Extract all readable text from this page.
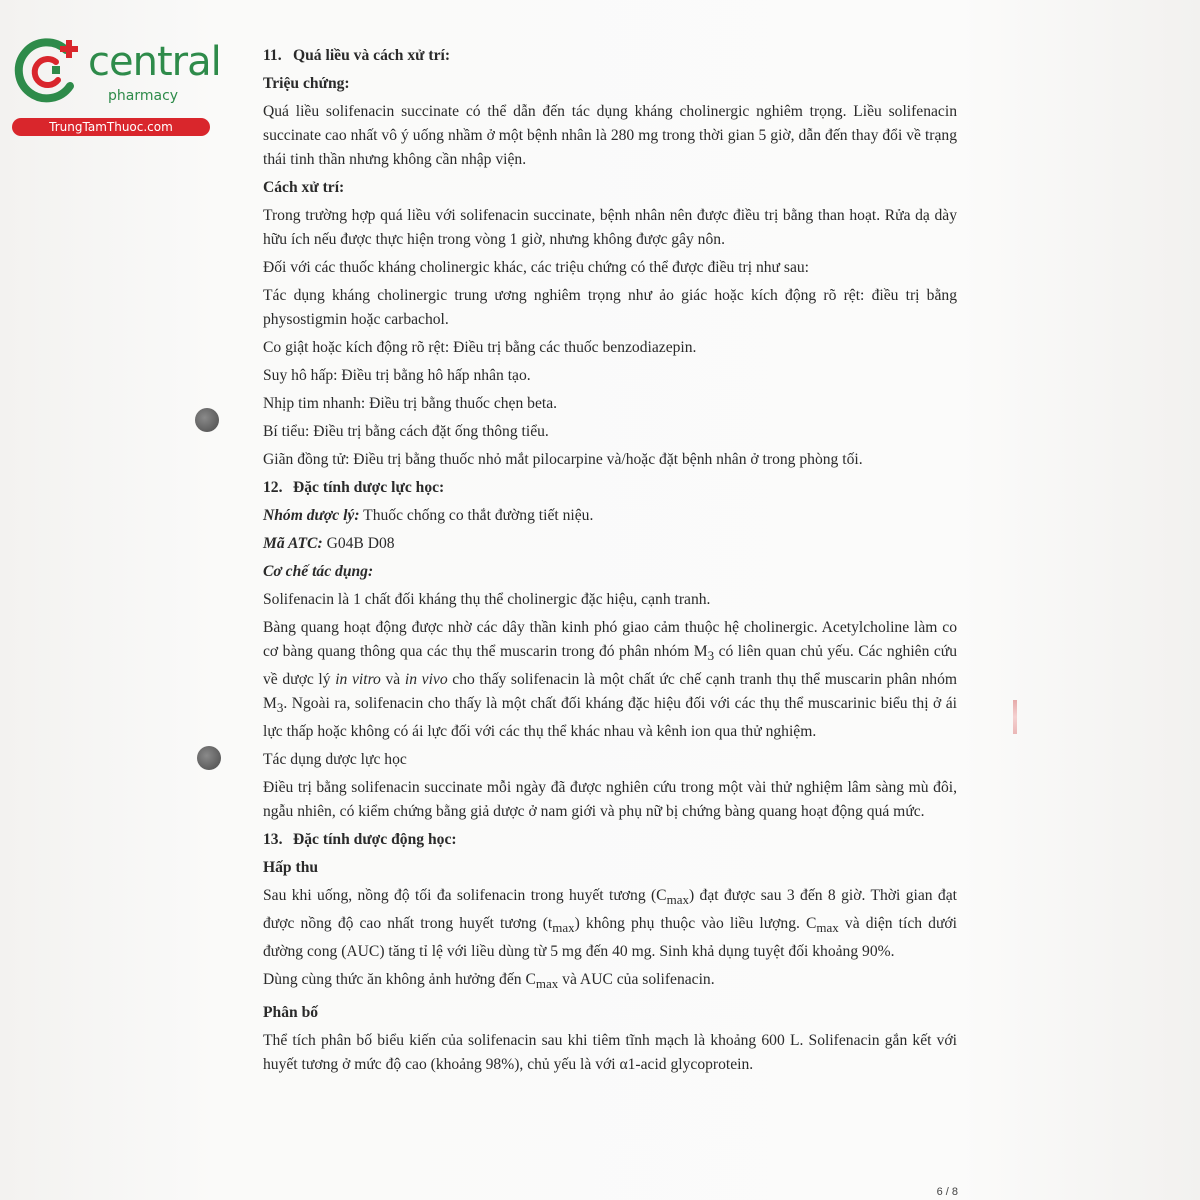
central
pharmacy
TrungTamThuoc.com

11. Quá liều và cách xử trí:

Triệu chứng:

Quá liều solifenacin succinate có thể dẫn đến tác dụng kháng cholinergic nghiêm trọng. Liều solifenacin succinate cao nhất vô ý uống nhầm ở một bệnh nhân là 280 mg trong thời gian 5 giờ, dẫn đến thay đổi về trạng thái tinh thần nhưng không cần nhập viện.

Cách xử trí:

Trong trường hợp quá liều với solifenacin succinate, bệnh nhân nên được điều trị bằng than hoạt. Rửa dạ dày hữu ích nếu được thực hiện trong vòng 1 giờ, nhưng không được gây nôn.

Đối với các thuốc kháng cholinergic khác, các triệu chứng có thể được điều trị như sau:

Tác dụng kháng cholinergic trung ương nghiêm trọng như ảo giác hoặc kích động rõ rệt: điều trị bằng physostigmin hoặc carbachol.

Co giật hoặc kích động rõ rệt: Điều trị bằng các thuốc benzodiazepin.

Suy hô hấp: Điều trị bằng hô hấp nhân tạo.

Nhịp tim nhanh: Điều trị bằng thuốc chẹn beta.

Bí tiểu: Điều trị bằng cách đặt ống thông tiểu.

Giãn đồng tử: Điều trị bằng thuốc nhỏ mắt pilocarpine và/hoặc đặt bệnh nhân ở trong phòng tối.

12. Đặc tính dược lực học:

Nhóm dược lý: Thuốc chống co thắt đường tiết niệu.

Mã ATC: G04B D08

Cơ chế tác dụng:

Solifenacin là 1 chất đối kháng thụ thể cholinergic đặc hiệu, cạnh tranh.

Bàng quang hoạt động được nhờ các dây thần kinh phó giao cảm thuộc hệ cholinergic. Acetylcholine làm co cơ bàng quang thông qua các thụ thể muscarin trong đó phân nhóm $M_3$ có liên quan chủ yếu. Các nghiên cứu về dược lý in vitro và in vivo cho thấy solifenacin là một chất ức chế cạnh tranh thụ thể muscarin phân nhóm $M_3$. Ngoài ra, solifenacin cho thấy là một chất đối kháng đặc hiệu đối với các thụ thể muscarinic biểu thị ở ái lực thấp hoặc không có ái lực đối với các thụ thể khác nhau và kênh ion qua thử nghiệm.

Tác dụng dược lực học

Điều trị bằng solifenacin succinate mỗi ngày đã được nghiên cứu trong một vài thử nghiệm lâm sàng mù đôi, ngẫu nhiên, có kiểm chứng bằng giả dược ở nam giới và phụ nữ bị chứng bàng quang hoạt động quá mức.

13. Đặc tính dược động học:

Hấp thu

Sau khi uống, nồng độ tối đa solifenacin trong huyết tương $(C_{max})$ đạt được sau 3 đến 8 giờ. Thời gian đạt được nồng độ cao nhất trong huyết tương $(t_{max})$ không phụ thuộc vào liều lượng. $C_{max}$ và diện tích dưới đường cong (AUC) tăng tỉ lệ với liều dùng từ 5 mg đến 40 mg. Sinh khả dụng tuyệt đối khoảng 90%.

Dùng cùng thức ăn không ảnh hưởng đến $C_{max}$ và AUC của solifenacin.

Phân bố

Thể tích phân bố biểu kiến của solifenacin sau khi tiêm tĩnh mạch là khoảng 600 L. Solifenacin gắn kết với huyết tương ở mức độ cao (khoảng 98%), chủ yếu là với α1-acid glycoprotein.

6 / 8
